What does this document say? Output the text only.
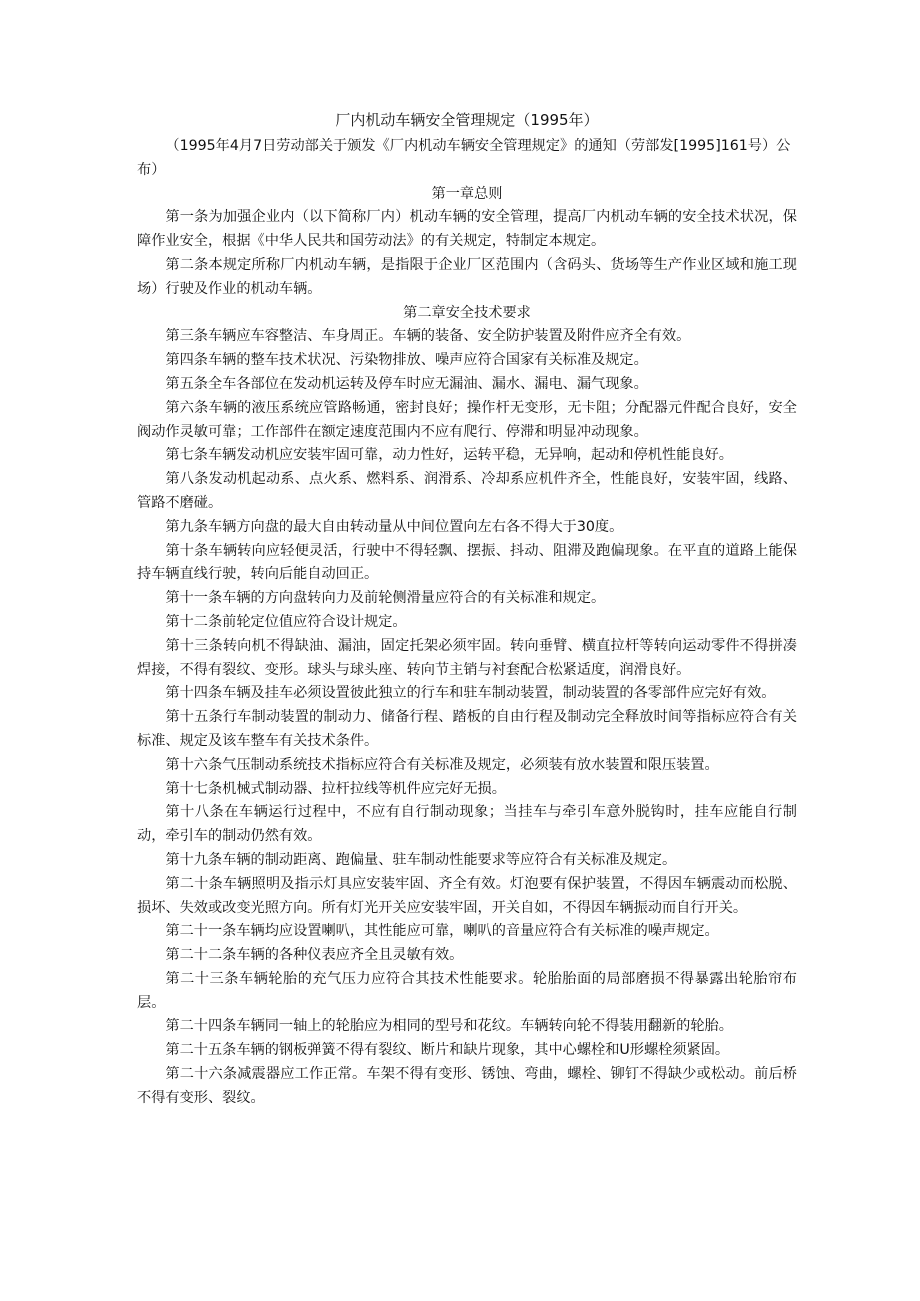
厂内机动车辆安全管理规定（1995年）

（1995年4月7日劳动部关于颁发《厂内机动车辆安全管理规定》的通知（劳部发[1995]161号）公布）

第一章总则

第一条为加强企业内（以下简称厂内）机动车辆的安全管理，提高厂内机动车辆的安全技术状况，保障作业安全，根据《中华人民共和国劳动法》的有关规定，特制定本规定。

第二条本规定所称厂内机动车辆，是指限于企业厂区范围内（含码头、货场等生产作业区域和施工现场）行驶及作业的机动车辆。

第二章安全技术要求

第三条车辆应车容整洁、车身周正。车辆的装备、安全防护装置及附件应齐全有效。

第四条车辆的整车技术状况、污染物排放、噪声应符合国家有关标准及规定。

第五条全车各部位在发动机运转及停车时应无漏油、漏水、漏电、漏气现象。

第六条车辆的液压系统应管路畅通，密封良好；操作杆无变形，无卡阻；分配器元件配合良好，安全阀动作灵敏可靠；工作部件在额定速度范围内不应有爬行、停滞和明显冲动现象。

第七条车辆发动机应安装牢固可靠，动力性好，运转平稳，无异响，起动和停机性能良好。

第八条发动机起动系、点火系、燃料系、润滑系、冷却系应机件齐全，性能良好，安装牢固，线路、管路不磨碰。

第九条车辆方向盘的最大自由转动量从中间位置向左右各不得大于30度。

第十条车辆转向应轻便灵活，行驶中不得轻飘、摆振、抖动、阻滞及跑偏现象。在平直的道路上能保持车辆直线行驶，转向后能自动回正。

第十一条车辆的方向盘转向力及前轮侧滑量应符合的有关标准和规定。

第十二条前轮定位值应符合设计规定。

第十三条转向机不得缺油、漏油，固定托架必须牢固。转向垂臂、横直拉杆等转向运动零件不得拼凑焊接，不得有裂纹、变形。球头与球头座、转向节主销与衬套配合松紧适度，润滑良好。

第十四条车辆及挂车必须设置彼此独立的行车和驻车制动装置，制动装置的各零部件应完好有效。

第十五条行车制动装置的制动力、储备行程、踏板的自由行程及制动完全释放时间等指标应符合有关标准、规定及该车整车有关技术条件。

第十六条气压制动系统技术指标应符合有关标准及规定，必须装有放水装置和限压装置。

第十七条机械式制动器、拉杆拉线等机件应完好无损。

第十八条在车辆运行过程中，不应有自行制动现象；当挂车与牵引车意外脱钩时，挂车应能自行制动，牵引车的制动仍然有效。

第十九条车辆的制动距离、跑偏量、驻车制动性能要求等应符合有关标准及规定。

第二十条车辆照明及指示灯具应安装牢固、齐全有效。灯泡要有保护装置，不得因车辆震动而松脱、损坏、失效或改变光照方向。所有灯光开关应安装牢固，开关自如，不得因车辆振动而自行开关。

第二十一条车辆均应设置喇叭，其性能应可靠，喇叭的音量应符合有关标准的噪声规定。

第二十二条车辆的各种仪表应齐全且灵敏有效。

第二十三条车辆轮胎的充气压力应符合其技术性能要求。轮胎胎面的局部磨损不得暴露出轮胎帘布层。

第二十四条车辆同一轴上的轮胎应为相同的型号和花纹。车辆转向轮不得装用翻新的轮胎。

第二十五条车辆的钢板弹簧不得有裂纹、断片和缺片现象，其中心螺栓和U形螺栓须紧固。

第二十六条减震器应工作正常。车架不得有变形、锈蚀、弯曲，螺栓、铆钉不得缺少或松动。前后桥不得有变形、裂纹。
